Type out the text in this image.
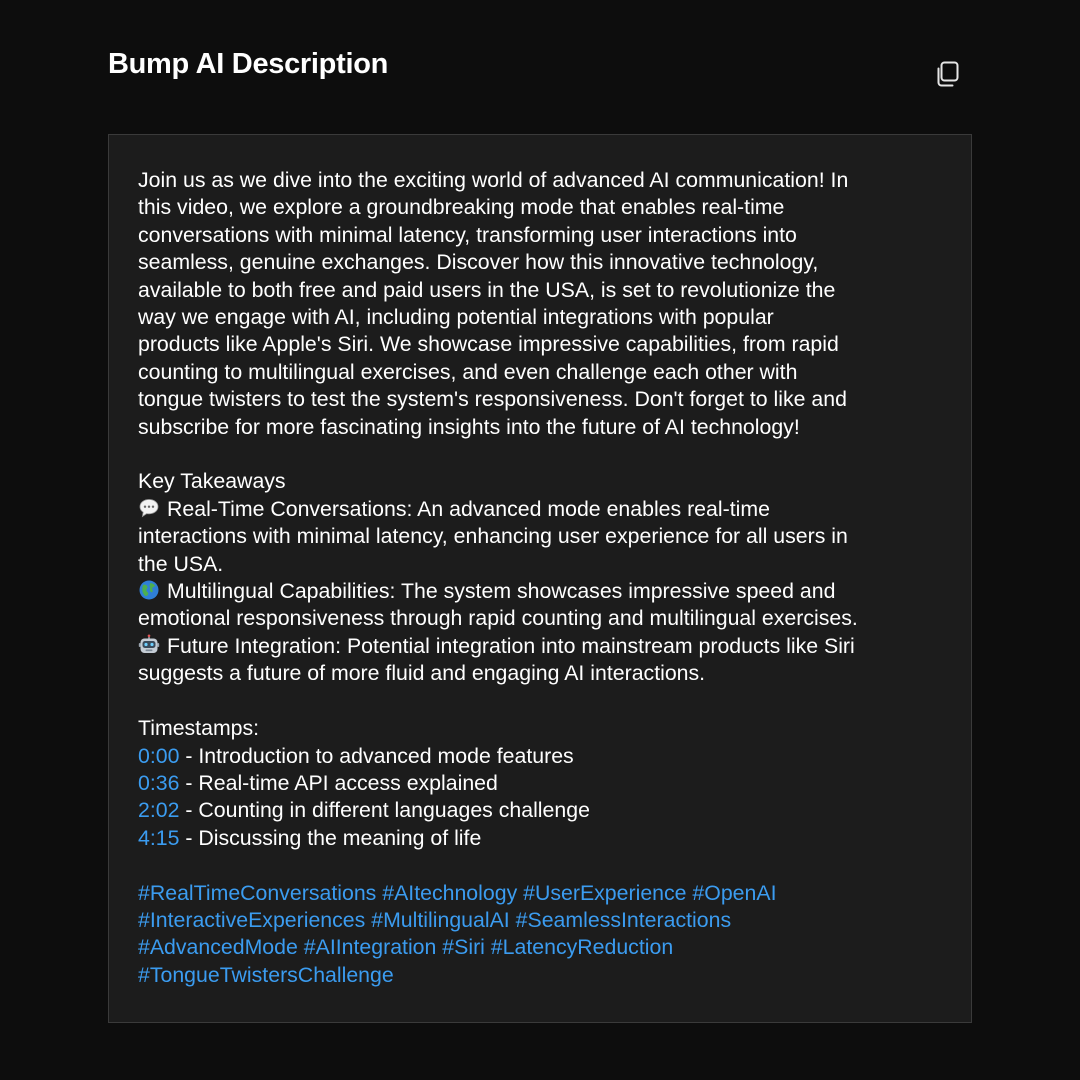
Bump AI Description
Join us as we dive into the exciting world of advanced AI communication! In
this video, we explore a groundbreaking mode that enables real-time
conversations with minimal latency, transforming user interactions into
seamless, genuine exchanges. Discover how this innovative technology,
available to both free and paid users in the USA, is set to revolutionize the
way we engage with AI, including potential integrations with popular
products like Apple's Siri. We showcase impressive capabilities, from rapid
counting to multilingual exercises, and even challenge each other with
tongue twisters to test the system's responsiveness. Don't forget to like and
subscribe for more fascinating insights into the future of AI technology!
Key Takeaways
Real-Time Conversations: An advanced mode enables real-time
interactions with minimal latency, enhancing user experience for all users in
the USA.
Multilingual Capabilities: The system showcases impressive speed and
emotional responsiveness through rapid counting and multilingual exercises.
Future Integration: Potential integration into mainstream products like Siri
suggests a future of more fluid and engaging AI interactions.
Timestamps:
0:00 - Introduction to advanced mode features
0:36 - Real-time API access explained
2:02 - Counting in different languages challenge
4:15 - Discussing the meaning of life
#RealTimeConversations #AItechnology #UserExperience #OpenAI
#InteractiveExperiences #MultilingualAI #SeamlessInteractions
#AdvancedMode #AIIntegration #Siri #LatencyReduction
#TongueTwistersChallenge
